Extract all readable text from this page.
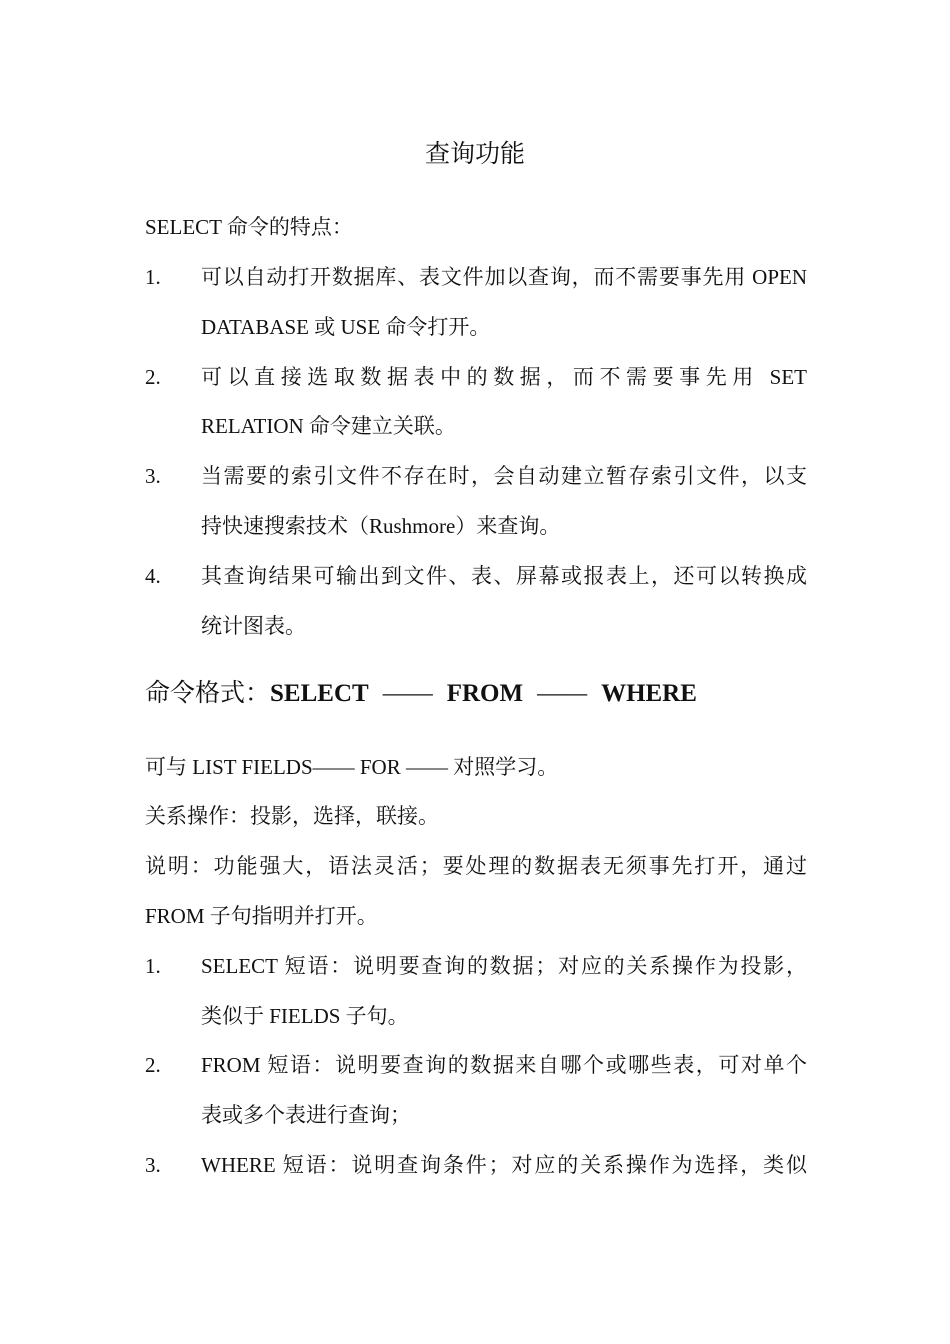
查询功能
SELECT 命令的特点：
1.	可以自动打开数据库、表文件加以查询，而不需要事先用 OPEN
DATABASE 或 USE 命令打开。
2.	可以直接选取数据表中的数据，而不需要事先用 SET
RELATION 命令建立关联。
3.	当需要的索引文件不存在时，会自动建立暂存索引文件，以支
持快速搜索技术（Rushmore）来查询。
4.	其查询结果可输出到文件、表、屏幕或报表上，还可以转换成
统计图表。
命令格式：SELECT —— FROM —— WHERE
可与 LIST FIELDS—— FOR —— 对照学习。
关系操作：投影，选择，联接。
说明：功能强大，语法灵活；要处理的数据表无须事先打开，通过
FROM 子句指明并打开。
1.	SELECT 短语：说明要查询的数据；对应的关系操作为投影，
类似于 FIELDS 子句。
2.	FROM 短语：说明要查询的数据来自哪个或哪些表，可对单个
表或多个表进行查询；
3.	WHERE 短语：说明查询条件；对应的关系操作为选择，类似
